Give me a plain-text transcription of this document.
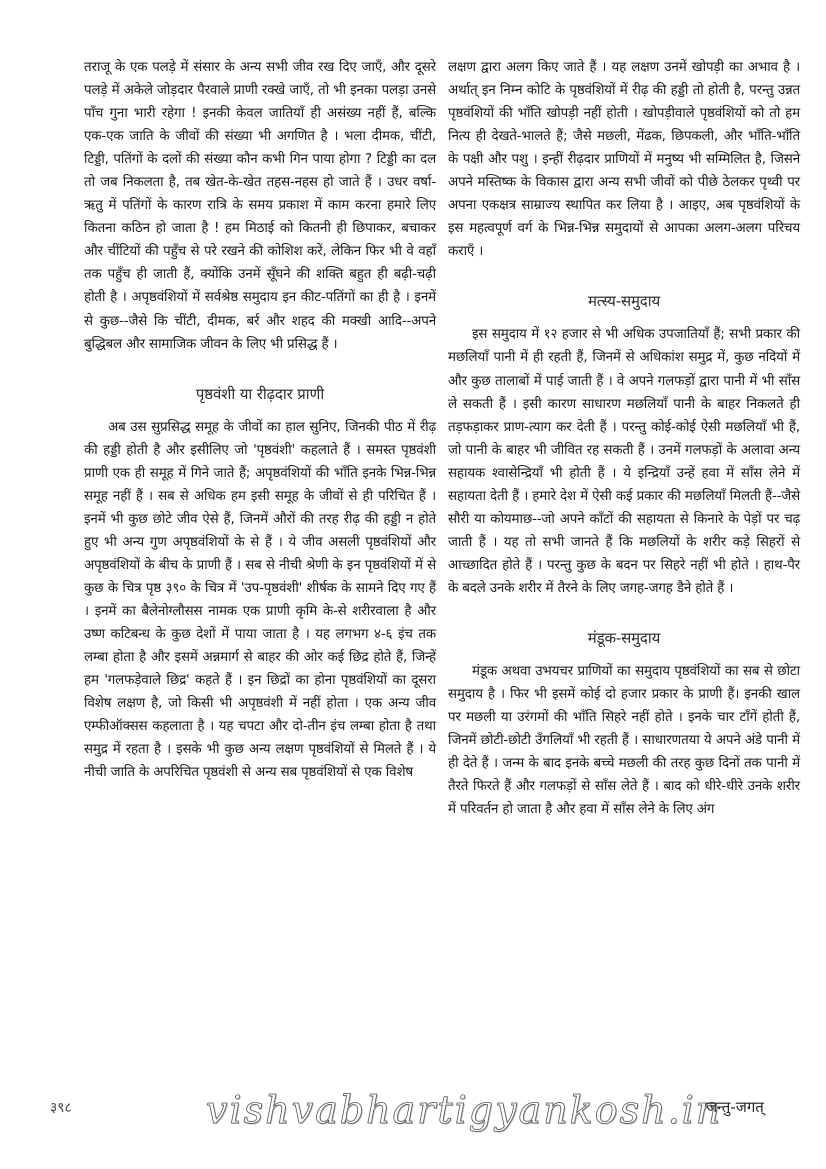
तराजू के एक पलड़े में संसार के अन्य सभी जीव रख दिए जाएँ, और दूसरे पलड़े में अकेले जोड़दार पैरवाले प्राणी रक्खे जाएँ, तो भी इनका पलड़ा उनसे पाँच गुना भारी रहेगा ! इनकी केवल जातियाँ ही असंख्य नहीं हैं, बल्कि एक-एक जाति के जीवों की संख्या भी अगणित है । भला दीमक, चींटी, टिड्डी, पतिंगों के दलों की संख्या कौन कभी गिन पाया होगा ? टिड्डी का दल तो जब निकलता है, तब खेत-के-खेत तहस-नहस हो जाते हैं । उधर वर्षा-ऋतु में पतिंगों के कारण रात्रि के समय प्रकाश में काम करना हमारे लिए कितना कठिन हो जाता है ! हम मिठाई को कितनी ही छिपाकर, बचाकर और चींटियों की पहुँच से परे रखने की कोशिश करें, लेकिन फिर भी वे वहाँ तक पहुँच ही जाती हैं, क्योंकि उनमें सूँघने की शक्ति बहुत ही बढ़ी-चढ़ी होती है । अपृष्ठवंशियों में सर्वश्रेष्ठ समुदाय इन कीट-पतिंगों का ही है । इनमें से कुछ--जैसे कि चींटी, दीमक, बर्र और शहद की मक्खी आदि--अपने बुद्धिबल और सामाजिक जीवन के लिए भी प्रसिद्ध हैं ।

पृष्ठवंशी या रीढ़दार प्राणी

अब उस सुप्रसिद्ध समूह के जीवों का हाल सुनिए, जिनकी पीठ में रीढ़ की हड्डी होती है और इसीलिए जो 'पृष्ठवंशी' कहलाते हैं । समस्त पृष्ठवंशी प्राणी एक ही समूह में गिने जाते हैं; अपृष्ठवंशियों की भाँति इनके भिन्न-भिन्न समूह नहीं हैं । सब से अधिक हम इसी समूह के जीवों से ही परिचित हैं । इनमें भी कुछ छोटे जीव ऐसे हैं, जिनमें औरों की तरह रीढ़ की हड्डी न होते हुए भी अन्य गुण अपृष्ठवंशियों के से हैं । ये जीव असली पृष्ठवंशियों और अपृष्ठवंशियों के बीच के प्राणी हैं । सब से नीची श्रेणी के इन पृष्ठवंशियों में से कुछ के चित्र पृष्ठ ३९० के चित्र में 'उप-पृष्ठवंशी' शीर्षक के सामने दिए गए हैं । इनमें का बैलेनोग्लौसस नामक एक प्राणी कृमि के-से शरीरवाला है और उष्ण कटिबन्ध के कुछ देशों में पाया जाता है । यह लगभग ४-६ इंच तक लम्बा होता है और इसमें अन्नमार्ग से बाहर की ओर कई छिद्र होते हैं, जिन्हें हम 'गलफड़ेवाले छिद्र' कहते हैं । इन छिद्रों का होना पृष्ठवंशियों का दूसरा विशेष लक्षण है, जो किसी भी अपृष्ठवंशी में नहीं होता । एक अन्य जीव एम्फीऑक्सस कहलाता है । यह चपटा और दो-तीन इंच लम्बा होता है तथा समुद्र में रहता है । इसके भी कुछ अन्य लक्षण पृष्ठवंशियों से मिलते हैं । ये नीची जाति के अपरिचित पृष्ठवंशी से अन्य सब पृष्ठवंशियों से एक विशेष

लक्षण द्वारा अलग किए जाते हैं । यह लक्षण उनमें खोपड़ी का अभाव है । अर्थात् इन निम्न कोटि के पृष्ठवंशियों में रीढ़ की हड्डी तो होती है, परन्तु उन्नत पृष्ठवंशियों की भाँति खोपड़ी नहीं होती । खोपड़ीवाले पृष्ठवंशियों को तो हम नित्य ही देखते-भालते हैं; जैसे मछली, मेंढक, छिपकली, और भाँति-भाँति के पक्षी और पशु । इन्हीं रीढ़दार प्राणियों में मनुष्य भी सम्मिलित है, जिसने अपने मस्तिष्क के विकास द्वारा अन्य सभी जीवों को पीछे ठेलकर पृथ्वी पर अपना एकक्षत्र साम्राज्य स्थापित कर लिया है । आइए, अब पृष्ठवंशियों के इस महत्वपूर्ण वर्ग के भिन्न-भिन्न समुदायों से आपका अलग-अलग परिचय कराएँ ।

मत्स्य-समुदाय

इस समुदाय में १२ हजार से भी अधिक उपजातियाँ हैं; सभी प्रकार की मछलियाँ पानी में ही रहती हैं, जिनमें से अधिकांश समुद्र में, कुछ नदियों में और कुछ तालाबों में पाई जाती हैं । वे अपने गलफड़ों द्वारा पानी में भी साँस ले सकती हैं । इसी कारण साधारण मछलियाँ पानी के बाहर निकलते ही तड़फड़ाकर प्राण-त्याग कर देती हैं । परन्तु कोई-कोई ऐसी मछलियाँ भी हैं, जो पानी के बाहर भी जीवित रह सकती हैं । उनमें गलफड़ों के अलावा अन्य सहायक श्वासेन्द्रियाँ भी होती हैं । ये इन्द्रियाँ उन्हें हवा में साँस लेने में सहायता देती हैं । हमारे देश में ऐसी कई प्रकार की मछलियाँ मिलती हैं--जैसे सौरी या कोयमाछ--जो अपने काँटों की सहायता से किनारे के पेड़ों पर चढ़ जाती हैं । यह तो सभी जानते हैं कि मछलियों के शरीर कड़े सिहरों से आच्छादित होते हैं । परन्तु कुछ के बदन पर सिहरे नहीं भी होते । हाथ-पैर के बदले उनके शरीर में तैरने के लिए जगह-जगह डैने होते हैं ।

मंडूक-समुदाय

मंडूक अथवा उभयचर प्राणियों का समुदाय पृष्ठवंशियों का सब से छोटा समुदाय है । फिर भी इसमें कोई दो हजार प्रकार के प्राणी हैं। इनकी खाल पर मछली या उरंगमों की भाँति सिहरे नहीं होते । इनके चार टाँगें होती हैं, जिनमें छोटी-छोटी उँगलियाँ भी रहती हैं । साधारणतया ये अपने अंडे पानी में ही देते हैं । जन्म के बाद इनके बच्चे मछली की तरह कुछ दिनों तक पानी में तैरते फिरते हैं और गलफड़ों से साँस लेते हैं । बाद को धीरे-धीरे उनके शरीर में परिवर्तन हो जाता है और हवा में साँस लेने के लिए अंग

३९८	vishvabhartigyankosh.in
जन्तु-जगत्
